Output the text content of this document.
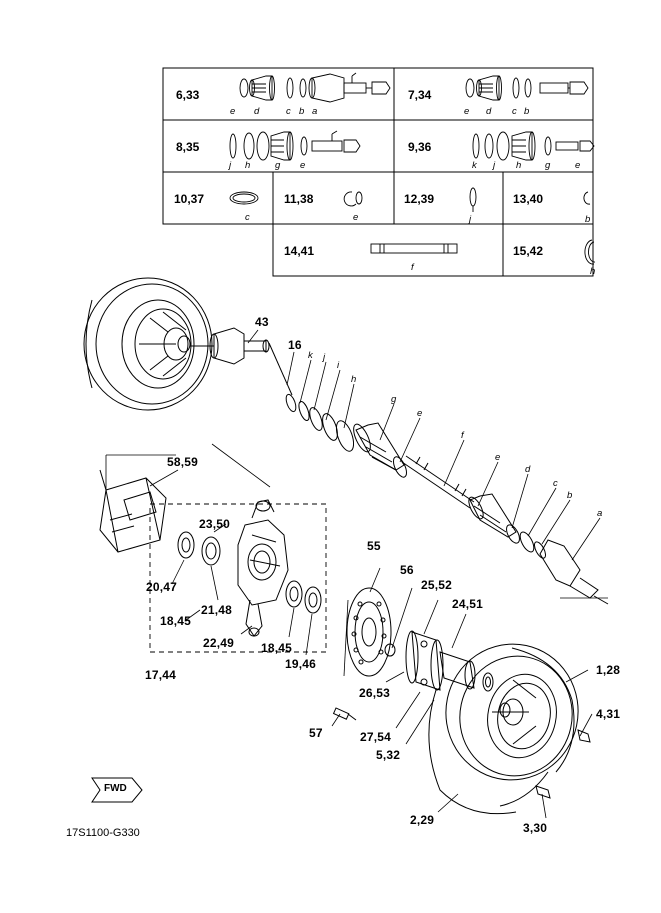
6,33	7,34
8,35	9,36
10,37	11,38	12,39	13,40
14,41	15,42
e d	c b a	e d c b
j h	g e	k j h g	e
c	e	j	b
f	h
k j
i
h
g
e
f
e
d
c
b
a
43
16
58,59
23,50
20,47
21,48
18,45
22,49 18,45
19,46
17,44
55
56
25,52
24,51
26,53
27,54
5,32
57
1,28
4,31
2,29
3,30
FWD
17S1100-G330
